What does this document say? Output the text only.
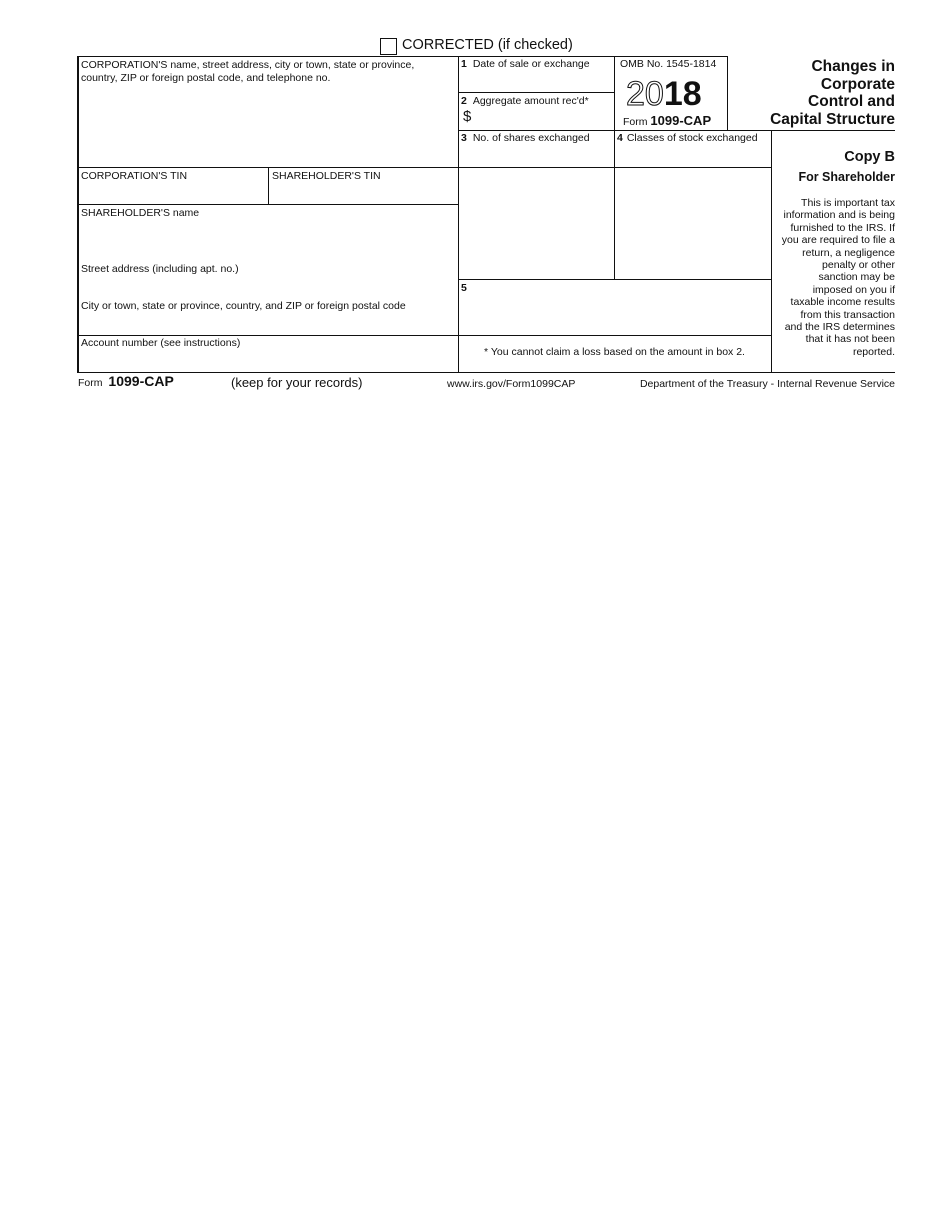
CORRECTED (if checked)
CORPORATION'S name, street address, city or town, state or province, country, ZIP or foreign postal code, and telephone no.
CORPORATION'S TIN	SHAREHOLDER'S TIN
SHAREHOLDER'S name
Street address (including apt. no.)
City or town, state or province, country, and ZIP or foreign postal code
Account number (see instructions)
1 Date of sale or exchange
2 Aggregate amount rec'd*
$
3 No. of shares exchanged	4 Classes of stock exchanged
5
* You cannot claim a loss based on the amount in box 2.
OMB No. 1545-1814
2018
Form 1099-CAP
Changes in
Corporate
Control and
Capital Structure
Copy B
For Shareholder
This is important tax
information and is being
furnished to the IRS. If
you are required to file a
return, a negligence
penalty or other
sanction may be
imposed on you if
taxable income results
from this transaction
and the IRS determines
that it has not been
reported.
Form 1099-CAP	(keep for your records)	www.irs.gov/Form1099CAP	Department of the Treasury - Internal Revenue Service
